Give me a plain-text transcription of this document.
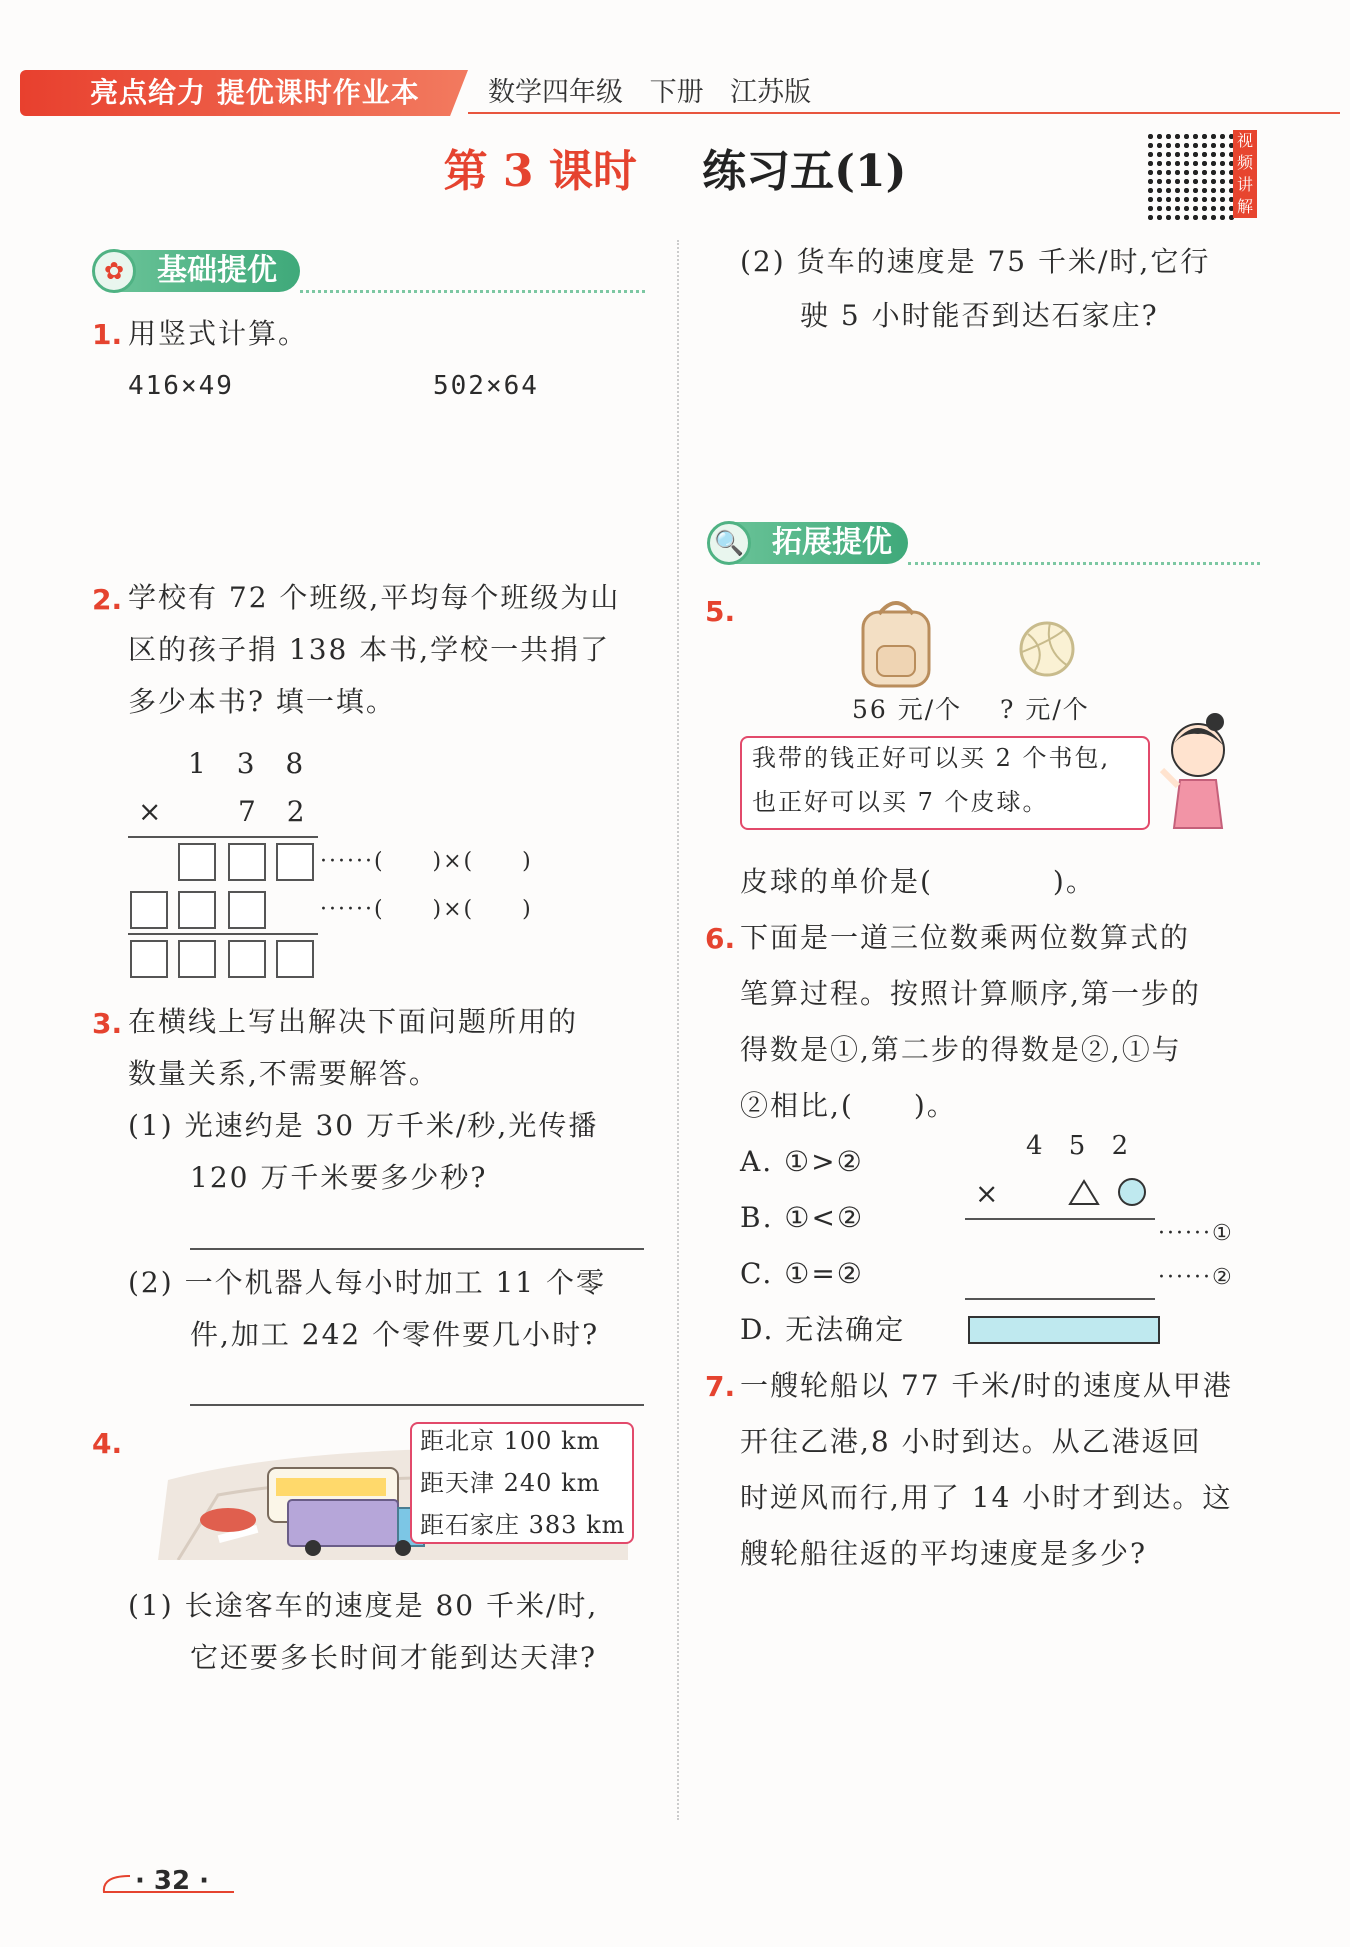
亮点给力 提优课时作业本	数学四年级 下册 江苏版
第 3 课时 练习五(1)
视频讲解
基础提优
✿
1. 用竖式计算。
416×49	502×64
2. 学校有 72 个班级,平均每个班级为山
区的孩子捐 138 本书,学校一共捐了
多少本书? 填一填。
1 3 8
×	7 2
······(　　)×(　　)
······(　　)×(　　)
3. 在横线上写出解决下面问题所用的
数量关系,不需要解答。
(1) 光速约是 30 万千米/秒,光传播
120 万千米要多少秒?
(2) 一个机器人每小时加工 11 个零
件,加工 242 个零件要几小时?
4.	距北京 100 km
距天津 240 km
距石家庄 383 km
(1) 长途客车的速度是 80 千米/时,
它还要多长时间才能到达天津?
(2) 货车的速度是 75 千米/时,它行
驶 5 小时能否到达石家庄?
拓展提优
🔍
5.
56 元/个 ? 元/个
我带的钱正好可以买 2 个书包,
也正好可以买 7 个皮球。
皮球的单价是(　　　　)。
6. 下面是一道三位数乘两位数算式的
笔算过程。按照计算顺序,第一步的
得数是①,第二步的得数是②,①与
②相比,(　　)。
A. ①>②
B. ①<②
C. ①=②
D. 无法确定
4 5 2
×
······①
······②
7. 一艘轮船以 77 千米/时的速度从甲港
开往乙港,8 小时到达。从乙港返回
时逆风而行,用了 14 小时才到达。这
艘轮船往返的平均速度是多少?
· 32 ·
